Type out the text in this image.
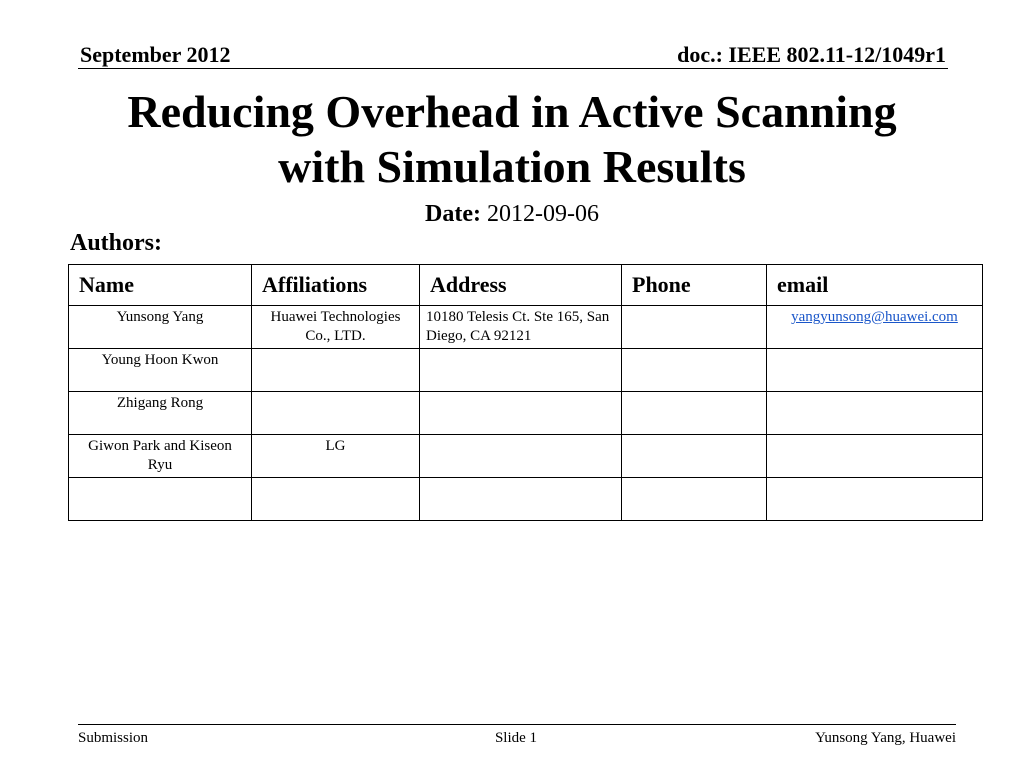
September 2012	doc.: IEEE 802.11-12/1049r1
Reducing Overhead in Active Scanning
with Simulation Results
Date: 2012-09-06
Authors:
Name	Affiliations	Address	Phone	email
Yunsong Yang	Huawei Technologies Co., LTD.	10180 Telesis Ct. Ste 165, San Diego, CA 92121		yangyunsong@huawei.com

Young Hoon Kwon				
Zhigang Rong				
Giwon Park and Kiseon Ryu	LG			

Submission	Slide 1	Yunsong Yang, Huawei
